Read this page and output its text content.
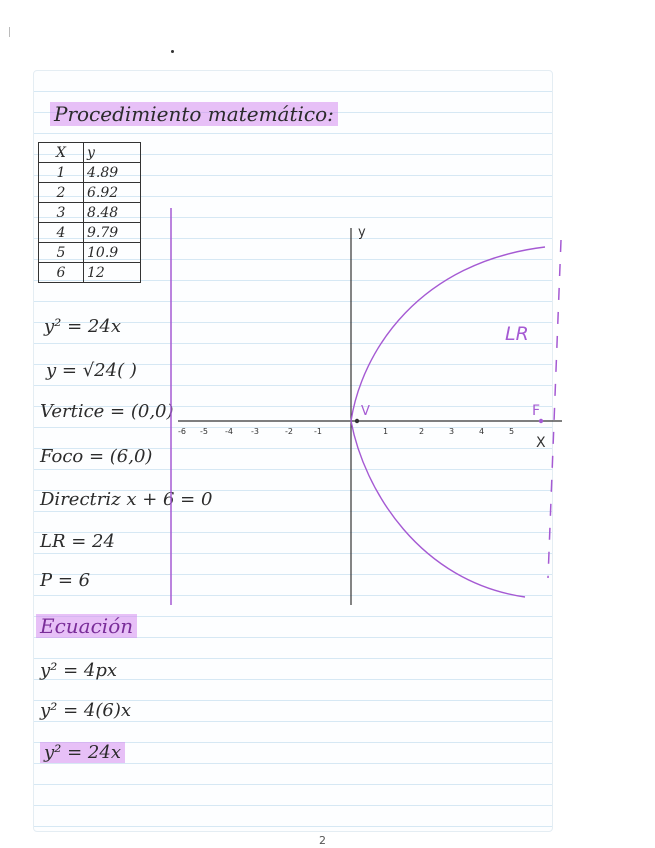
Procedimiento matemático:
X	y
1	4.89
2	6.92
3	8.48
4	9.79
5	10.9
6	12
y² = 24x
y = √24( )
Vertice = (0,0)
Foco = (6,0)
Directriz x + 6 = 0
LR = 24
P = 6
Ecuación
y² = 4px
y² = 4(6)x
y² = 24x
-6 -5 -4 -3	-2	-1	1	2	3	4	5
X
y
V	F
LR
2
